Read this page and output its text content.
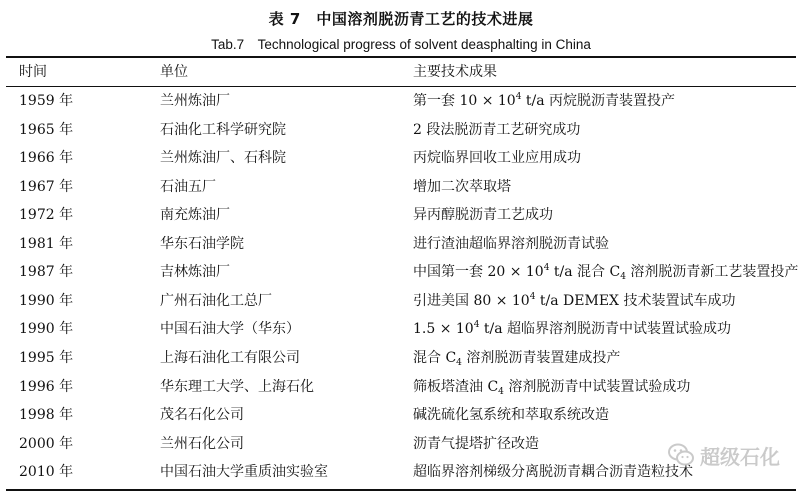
表 7　中国溶剂脱沥青工艺的技术进展
Tab.7　Technological progress of solvent deasphalting in China
时间	单位	主要技术成果
1959 年	兰州炼油厂	第一套 $10 \times 10^4$ t/a 丙烷脱沥青装置投产
1965 年	石油化工科学研究院	2 段法脱沥青工艺研究成功
1966 年	兰州炼油厂、石科院	丙烷临界回收工业应用成功
1967 年	石油五厂	增加二次萃取塔
1972 年	南充炼油厂	异丙醇脱沥青工艺成功
1981 年	华东石油学院	进行渣油超临界溶剂脱沥青试验
1987 年	吉林炼油厂	中国第一套 $20 \times 10^4$ t/a 混合 $C_4$ 溶剂脱沥青新工艺装置投产
1990 年	广州石油化工总厂	引进美国 $80 \times 10^4$ t/a DEMEX 技术装置试车成功
1990 年	中国石油大学（华东）	$1.5 \times 10^4$ t/a 超临界溶剂脱沥青中试装置试验成功
1995 年	上海石油化工有限公司	混合 $C_4$ 溶剂脱沥青装置建成投产
1996 年	华东理工大学、上海石化	筛板塔渣油 $C_4$ 溶剂脱沥青中试装置试验成功
1998 年	茂名石化公司	碱洗硫化氢系统和萃取系统改造
2000 年	兰州石化公司	沥青气提塔扩径改造
2010 年	中国石油大学重质油实验室	超临界溶剂梯级分离脱沥青耦合沥青造粒技术
超级石化
